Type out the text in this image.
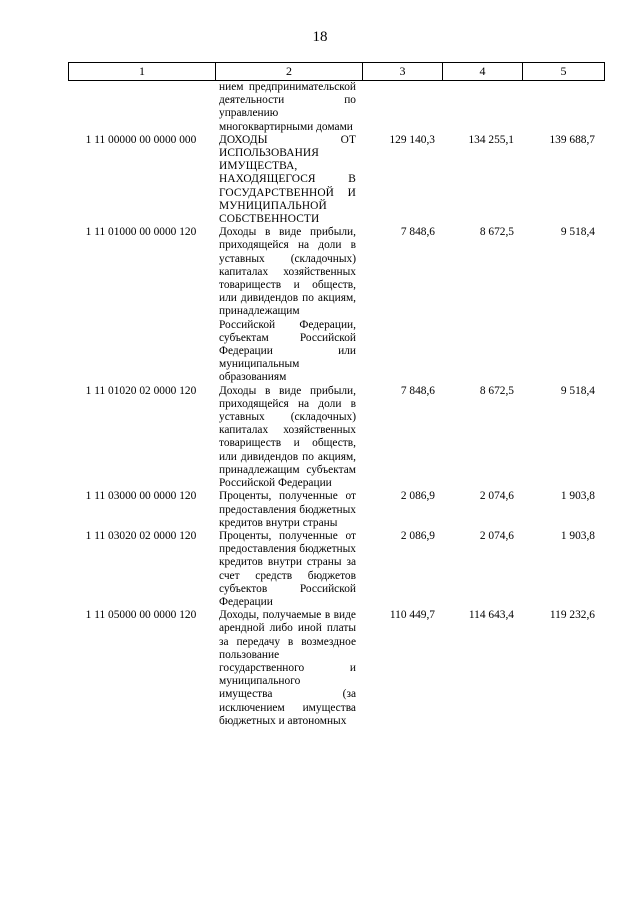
18
1	2	3	4	5
	нием предпринимательской деятельности по управлению многоквартирными домами			
1 11 00000 00 0000 000	ДОХОДЫ ОТ ИСПОЛЬЗОВАНИЯ ИМУЩЕСТВА, НАХОДЯЩЕГОСЯ В ГОСУДАРСТВЕННОЙ И МУНИЦИПАЛЬНОЙ СОБСТВЕННОСТИ	129 140,3	134 255,1	139 688,7
1 11 01000 00 0000 120	Доходы в виде прибыли, приходящейся на доли в уставных (складочных) капиталах хозяйственных товариществ и обществ, или дивидендов по акциям, принадлежащим Российской Федерации, субъектам Российской Федерации или муниципальным образованиям	7 848,6	8 672,5	9 518,4
1 11 01020 02 0000 120	Доходы в виде прибыли, приходящейся на доли в уставных (складочных) капиталах хозяйственных товариществ и обществ, или дивидендов по акциям, принадлежащим субъектам Российской Федерации	7 848,6	8 672,5	9 518,4
1 11 03000 00 0000 120	Проценты, полученные от предоставления бюджетных кредитов внутри страны	2 086,9	2 074,6	1 903,8
1 11 03020 02 0000 120	Проценты, полученные от предоставления бюджетных кредитов внутри страны за счет средств бюджетов субъектов Российской Федерации	2 086,9	2 074,6	1 903,8
1 11 05000 00 0000 120	Доходы, получаемые в виде арендной либо иной платы за передачу в возмездное пользование государственного и муниципального имущества (за исключением имущества бюджетных и автономных	110 449,7	114 643,4	119 232,6
